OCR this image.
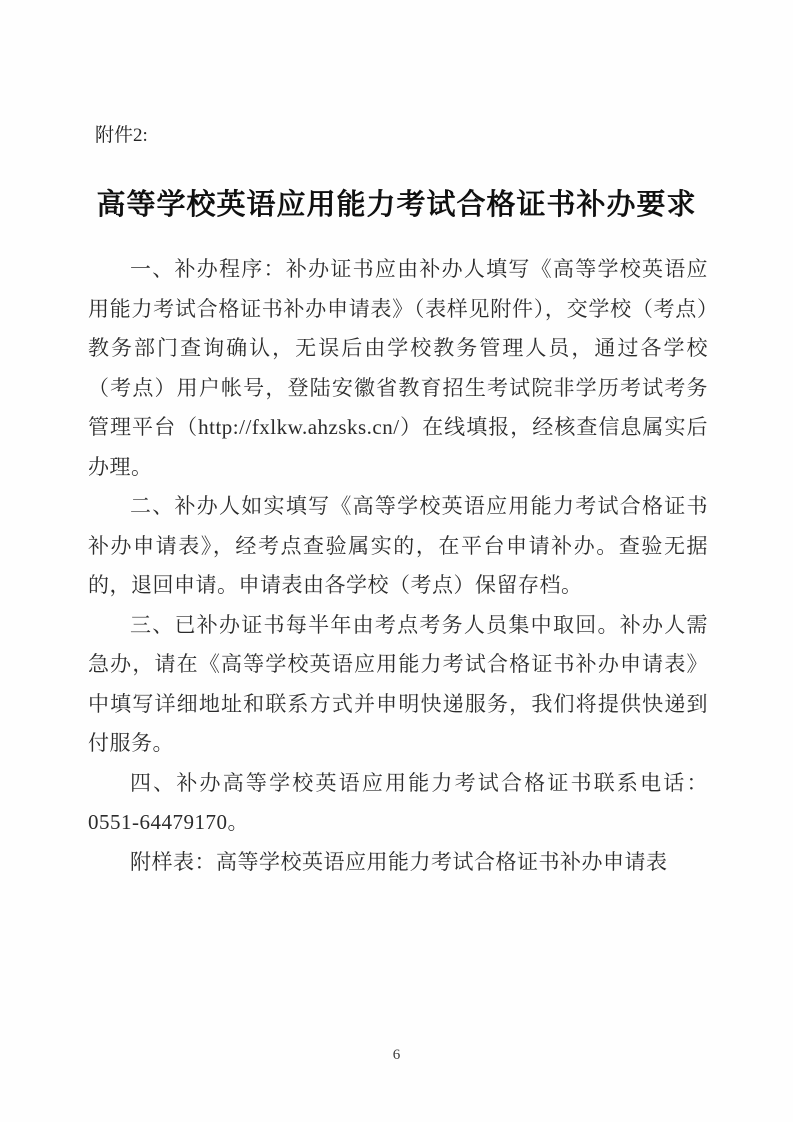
附件2:
高等学校英语应用能力考试合格证书补办要求

一、补办程序：补办证书应由补办人填写《高等学校英语应用能力考试合格证书补办申请表》（表样见附件），交学校（考点）教务部门查询确认，无误后由学校教务管理人员，通过各学校（考点）用户帐号，登陆安徽省教育招生考试院非学历考试考务管理平台（http://fxlkw.ahzsks.cn/）在线填报，经核查信息属实后办理。

二、补办人如实填写《高等学校英语应用能力考试合格证书补办申请表》，经考点查验属实的，在平台申请补办。查验无据的，退回申请。申请表由各学校（考点）保留存档。

三、已补办证书每半年由考点考务人员集中取回。补办人需急办，请在《高等学校英语应用能力考试合格证书补办申请表》中填写详细地址和联系方式并申明快递服务，我们将提供快递到付服务。

四、补办高等学校英语应用能力考试合格证书联系电话：0551-64479170。

附样表：高等学校英语应用能力考试合格证书补办申请表

6
